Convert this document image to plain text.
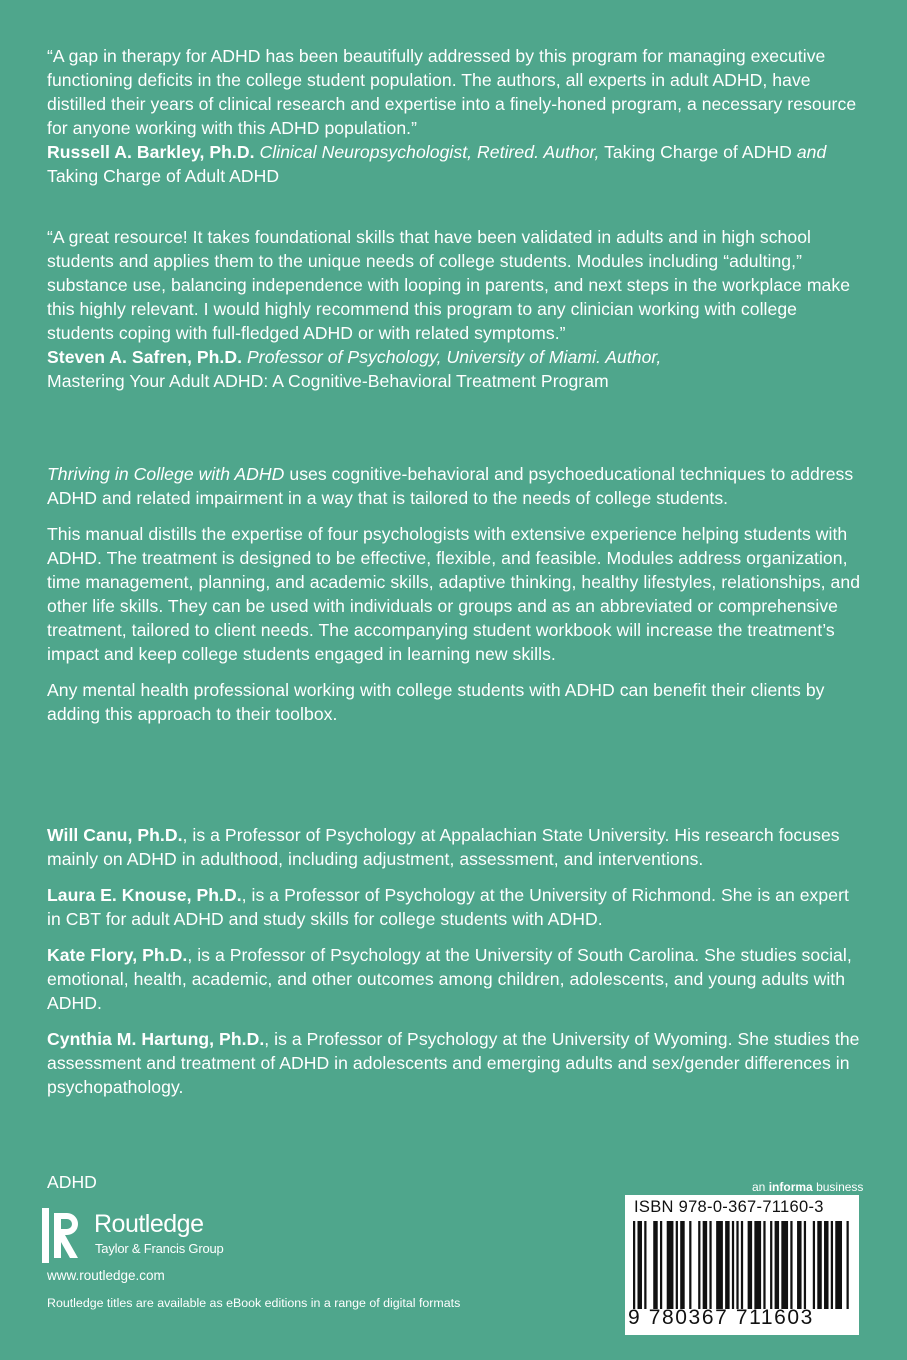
“A gap in therapy for ADHD has been beautifully addressed by this program for managing executive functioning deficits in the college student population. The authors, all experts in adult ADHD, have distilled their years of clinical research and expertise into a finely-honed program, a necessary resource for anyone working with this ADHD population.”

Russell A. Barkley, Ph.D. Clinical Neuropsychologist, Retired. Author, Taking Charge of ADHD and Taking Charge of Adult ADHD

“A great resource! It takes foundational skills that have been validated in adults and in high school students and applies them to the unique needs of college students. Modules including “adulting,” substance use, balancing independence with looping in parents, and next steps in the workplace make this highly relevant. I would highly recommend this program to any clinician working with college students coping with full-fledged ADHD or with related symptoms.”

Steven A. Safren, Ph.D. Professor of Psychology, University of Miami. Author,
Mastering Your Adult ADHD: A Cognitive-Behavioral Treatment Program

Thriving in College with ADHD uses cognitive-behavioral and psychoeducational techniques to address ADHD and related impairment in a way that is tailored to the needs of college students.

This manual distills the expertise of four psychologists with extensive experience helping students with ADHD. The treatment is designed to be effective, flexible, and feasible. Modules address organization, time management, planning, and academic skills, adaptive thinking, healthy lifestyles, relationships, and other life skills. They can be used with individuals or groups and as an abbreviated or comprehensive treatment, tailored to client needs. The accompanying student workbook will increase the treatment’s impact and keep college students engaged in learning new skills.

Any mental health professional working with college students with ADHD can benefit their clients by adding this approach to their toolbox.

Will Canu, Ph.D., is a Professor of Psychology at Appalachian State University. His research focuses mainly on ADHD in adulthood, including adjustment, assessment, and interventions.

Laura E. Knouse, Ph.D., is a Professor of Psychology at the University of Richmond. She is an expert in CBT for adult ADHD and study skills for college students with ADHD.

Kate Flory, Ph.D., is a Professor of Psychology at the University of South Carolina. She studies social, emotional, health, academic, and other outcomes among children, adolescents, and young adults with ADHD.

Cynthia M. Hartung, Ph.D., is a Professor of Psychology at the University of Wyoming. She studies the assessment and treatment of ADHD in adolescents and emerging adults and sex/gender differences in psychopathology.

ADHD
Routledge
Taylor & Francis Group
www.routledge.com
Routledge titles are available as eBook editions in a range of digital formats
an informa business
ISBN 978-0-367-71160-3
9 780367 711603
